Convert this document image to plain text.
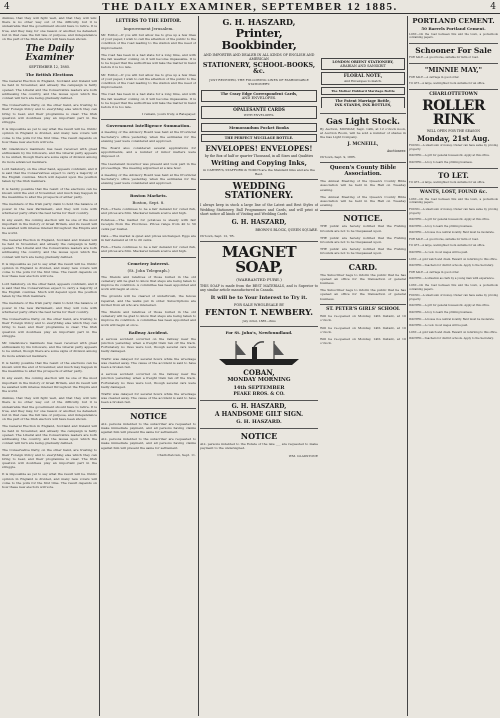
4	THE DAILY EXAMINER, SEPTEMBER 12 1885.	4

dismiss, that they will fight well, and that they will win: there is no other way out of the difficulty, but it is undesirable that the government should have to retire. It is true, and they may, for one reason or another, be defeated; but in that case the full tale of purpose, and independence on the part of the Irish electors will have been shown.

The Daily Examiner
SEPTEMBER 12, 1885.
The British Elections

The General Election in England, Scotland and Ireland will be held in November, and already the campaign is fairly opened. The Liberal and the Conservative leaders are both addressing the country, and the issues upon which the contest will turn are being gradually defined.

The Conservative Party, on the other hand, are trusting to their Foreign Policy and to everything else which they can bring to bear, and their programme is clear. The Irish question will doubtless play an important part in the struggle.

It is impossible as yet to say what the result will be. Public opinion in England is divided, and many new voters will come to the polls for the first time. The result depends on how these new electors will vote.

Mr. Gladstone's manifesto has been received with great enthusiasm by his followers, and the Liberal party appears to be united, though there are some signs of division among its more advanced members.

Lord Salisbury, on the other hand, appears confident, and it is said that the Conservatives expect to carry a majority of the English counties. Much will depend upon the position taken by the Irish members.

It is hardly possible that the result of the elections can be known until the end of November, and much may happen in the meantime to alter the prospects of either party.

The members of the Irish party claim to hold the balance of power in the new Parliament, and they will vote with whichever party offers the best terms for their country.

In any event, the coming election will be one of the most important in the history of Great Britain, and its result will be awaited with intense interest throughout the Empire and the world.

The General Election in England, Scotland and Ireland will be held in November, and already the campaign is fairly opened. The Liberal and the Conservative leaders are both addressing the country, and the issues upon which the contest will turn are being gradually defined.

It is impossible as yet to say what the result will be. Public opinion in England is divided, and many new voters will come to the polls for the first time. The result depends on how these new electors will vote.

Lord Salisbury, on the other hand, appears confident, and it is said that the Conservatives expect to carry a majority of the English counties. Much will depend upon the position taken by the Irish members.

The members of the Irish party claim to hold the balance of power in the new Parliament, and they will vote with whichever party offers the best terms for their country.

The Conservative Party, on the other hand, are trusting to their Foreign Policy and to everything else which they can bring to bear, and their programme is clear. The Irish question will doubtless play an important part in the struggle.

Mr. Gladstone's manifesto has been received with great enthusiasm by his followers, and the Liberal party appears to be united, though there are some signs of division among its more advanced members.

It is hardly possible that the result of the elections can be known until the end of November, and much may happen in the meantime to alter the prospects of either party.

In any event, the coming election will be one of the most important in the history of Great Britain, and its result will be awaited with intense interest throughout the Empire and the world.

dismiss, that they will fight well, and that they will win: there is no other way out of the difficulty, but it is undesirable that the government should have to retire. It is true, and they may, for one reason or another, be defeated; but in that case the full tale of purpose, and independence on the part of the Irish electors will have been shown.

The General Election in England, Scotland and Ireland will be held in November, and already the campaign is fairly opened. The Liberal and the Conservative leaders are both addressing the country, and the issues upon which the contest will turn are being gradually defined.

The Conservative Party, on the other hand, are trusting to their Foreign Policy and to everything else which they can bring to bear, and their programme is clear. The Irish question will doubtless play an important part in the struggle.

It is impossible as yet to say what the result will be. Public opinion in England is divided, and many new voters will come to the polls for the first time. The result depends on how these new electors will vote.

LETTERS TO THE EDITOR.
Improvement Jerusalem.

Mr. Editor,—If you will but allow me to give up a few lines of your paper, I wish to call the attention of the public to the condition of the road leading to the station and the need of improvement.

The road has been in a bad state for a long time, and with the fall weather coming on it will become impassable. It is to be hoped that the authorities will take the matter in hand before it is too late.

Mr. Editor,—If you will but allow me to give up a few lines of your paper, I wish to call the attention of the public to the condition of the road leading to the station and the need of improvement.

The road has been in a bad state for a long time, and with the fall weather coming on it will become impassable. It is to be hoped that the authorities will take the matter in hand before it is too late.

I remain, yours truly, A Ratepayer.

Government Intelligence Summation.

A meeting of the Advisory Board was held at the Provincial Secretary's office yesterday, when the estimates for the ensuing year were considered and approved.

The Board also considered several applications for appointments, and a number of minor matters were disposed of.

The Lieutenant Governor was present and took part in the proceedings. The meeting adjourned at a late hour.

A meeting of the Advisory Board was held at the Provincial Secretary's office yesterday, when the estimates for the ensuing year were considered and approved.

Boston Markets.
Boston, Sept. 8.

Fish.—There continues to be a fair demand for cured fish, and prices are firm. Mackerel remain scarce and high.

Potatoes.—The market for potatoes is steady with fair receipts from the Provinces. Prices range from 40 to 50 cents per bushel.

Oats.—The market is quiet and prices unchanged. Eggs are in fair demand at 18 to 20 cents.

Fish.—There continues to be a fair demand for cured fish, and prices are firm. Mackerel remain scarce and high.

Cemetery Interest.
(St. John Telegraph.)

The friends and relatives of those buried in the old cemetery will be glad to know that steps are being taken to improve its condition. A committee has been appointed and work will begin at once.

The grounds will be cleared of underbrush, the fences repaired, and the walks put in order. Subscriptions are invited from all who are interested.

The friends and relatives of those buried in the old cemetery will be glad to know that steps are being taken to improve its condition. A committee has been appointed and work will begin at once.

Railway Accident.

A serious accident occurred on the railway near the junction yesterday, when a freight train ran off the track. Fortunately no lives were lost, though several cars were badly damaged.

Traffic was delayed for several hours while the wreckage was cleared away. The cause of the accident is said to have been a broken rail.

A serious accident occurred on the railway near the junction yesterday, when a freight train ran off the track. Fortunately no lives were lost, though several cars were badly damaged.

Traffic was delayed for several hours while the wreckage was cleared away. The cause of the accident is said to have been a broken rail.

NOTICE

ALL persons indebted to the subscriber are requested to make immediate payment, and all persons having claims against him will present the same for settlement.

ALL persons indebted to the subscriber are requested to make immediate payment, and all persons having claims against him will present the same for settlement.

Charlottetown, Sept. 11.

G. H. HASZARD,
Printer, Bookbinder,
AND IMPORTER AND DEALER IN ALL KINDS OF ENGLISH AND AMERICAN
STATIONERY, SCHOOL-BOOKS, &c.
JUST RECEIVED, THE FOLLOWING LINES OF FASHIONABLE STATIONERY:
The Crazy Edge Correspondent Cards,
AND ENVELOPES.
OPALESANTE CARDS
WITH ENVELOPES.
Memorandum Pocket Books
THE PERFECT MUCILAGE BOTTLE.
ENVELOPES! ENVELOPES!
by the Box of half or quarter Thousand, in all Sizes and Qualities
Writing and Copying Inks,
in CARTER'S, STAFFORD & TODD'S are the Standard Inks and are the Best.
WEDDING STATIONERY.

I always keep in stock a large line of the Latest and Best Styles of Wedding Stationery, Ball Programmes and Cards, and will print at short notice all kinds of Visiting and Wedding Cards

G. H. HASZARD,
BROWN'S BLOCK, QUEEN SQUARE.
Ch'town, Sept. 12, '85.
MAGNET SOAP,
(WARRANTED PURE.)

THIS SOAP is made from the BEST MATERIALS, and is Superior to any similar article manufactured in Canada.

It will be to Your Interest to Try it.
FOR SALE WHOLESALE BY
FENTON T. NEWBERY.
July 22nd, 1885—6ms
For St. John's, Newfoundland.
COBAN,
MONDAY MORNING
14th SEPTEMBER
PEAKE BROS. & CO.
G. H. HASZARD,
A HANDSOME GILT SIGN.
G. H. HASZARD.
NOTICE

ALL persons indebted to the Estate of the late ___ are requested to make payment to the undersigned.

WM. GLADSTONE

Gas Light Stock.

By Auction, MONDAY, Sept. 14th, at 12 o'clock noon, at Auction Room, will be sold a number of shares in the Gas Light Company.

J. MCNEILL,
Auctioneer.
Ch'town, Sept. 9, 1885.
Queen's County Bible Association.

The Annual Meeting of the Queen's County Bible Association will be held in the Hall on Tuesday evening.

The Annual Meeting of the Queen's County Bible Association will be held in the Hall on Tuesday evening.

NOTICE.

THE public are hereby notified that the Fishing Grounds are not to be trespassed upon.

THE public are hereby notified that the Fishing Grounds are not to be trespassed upon.

THE public are hereby notified that the Fishing Grounds are not to be trespassed upon.

CARD.

The Subscriber begs to inform the public that he has opened an office for the transaction of general business.

The Subscriber begs to inform the public that he has opened an office for the transaction of general business.

ST. PETER'S GIRLS' SCHOOL

Will be re-opened on Monday, 14th Instant, at 10 o'clock.

Will be re-opened on Monday, 14th Instant, at 10 o'clock.

Will be re-opened on Monday, 14th Instant, at 10 o'clock.

PORTLAND CEMENT.
50 Barrels Portland Cement.

LOST.—On the road between this and the town, a pocketbook containing papers.

Schooner For Sale

FOR SALE.—A good horse, suitable for farm or road.

"MINNIE MAY,"

FOR SALE.—A carriage in good order.

TO LET.—A large, well-lighted room suitable for an office.

CHARLOTTETOWN
ROLLER RINK
WILL OPEN FOR THE SEASON
Monday, 21st Aug.

FOUND.—A small sum of money. Owner can have same by proving property.

WANTED.—A girl for general housework. Apply at this office.

WANTED.—A boy to learn the printing business.

TO LET.

TO LET.—A large, well-lighted room suitable for an office.

WANTS, LOST, FOUND &c.

LOST.—On the road between this and the town, a pocketbook containing papers.

FOUND.—A small sum of money. Owner can have same by proving property.

WANTED.—A girl for general housework. Apply at this office.

WANTED.—A boy to learn the printing business.

WANTED.—A house in a central locality. Rent must be moderate.

FOR SALE.—A good horse, suitable for farm or road.

TO LET.—A large, well-lighted room suitable for an office.

WANTED.—A cook. Good wages will be paid.

LOST.—A gold watch and chain. Reward on returning to this office.

WANTED.—Teachers for district schools. Apply to the Secretary.

FOR SALE.—A carriage in good order.

WANTED.—A situation as clerk by a young man with experience.

LOST.—On the road between this and the town, a pocketbook containing papers.

FOUND.—A small sum of money. Owner can have same by proving property.

WANTED.—A girl for general housework. Apply at this office.

WANTED.—A boy to learn the printing business.

WANTED.—A house in a central locality. Rent must be moderate.

WANTED.—A cook. Good wages will be paid.

LOST.—A gold watch and chain. Reward on returning to this office.

WANTED.—Teachers for district schools. Apply to the Secretary.

LONDON ORIENT STATIONERY,
ARABIAN AND SANSKRIT
FLORAL NOTE,
And Envelopes to match.
The Mother Hubbard Marriage Bottle
The Patent Marriage Bottle,
INK STANDS, INK BOTTLES,
